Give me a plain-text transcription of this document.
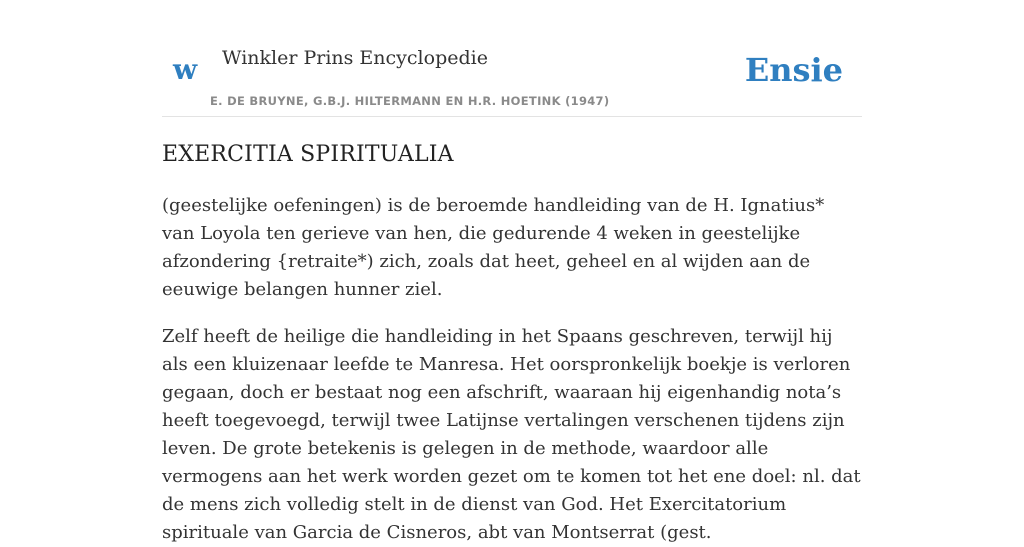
w Winkler Prins Encyclopedie
E. DE BRUYNE, G.B.J. HILTERMANN EN H.R. HOETINK (1947)
Ensie
EXERCITIA SPIRITUALIA

(geestelijke oefeningen) is de beroemde handleiding van de H. Ignatius* van Loyola ten gerieve van hen, die gedurende 4 weken in geestelijke afzondering {retraite*) zich, zoals dat heet, geheel en al wijden aan de eeuwige belangen hunner ziel.

Zelf heeft de heilige die handleiding in het Spaans geschreven, terwijl hij als een kluizenaar leefde te Manresa. Het oorspronkelijk boekje is verloren gegaan, doch er bestaat nog een afschrift, waaraan hij eigenhandig nota’s heeft toegevoegd, terwijl twee Latijnse vertalingen verschenen tijdens zijn leven. De grote betekenis is gelegen in de methode, waardoor alle vermogens aan het werk worden gezet om te komen tot het ene doel: nl. dat de mens zich volledig stelt in de dienst van God. Het Exercitatorium spirituale van Garcia de Cisneros, abt van Montserrat (gest.
